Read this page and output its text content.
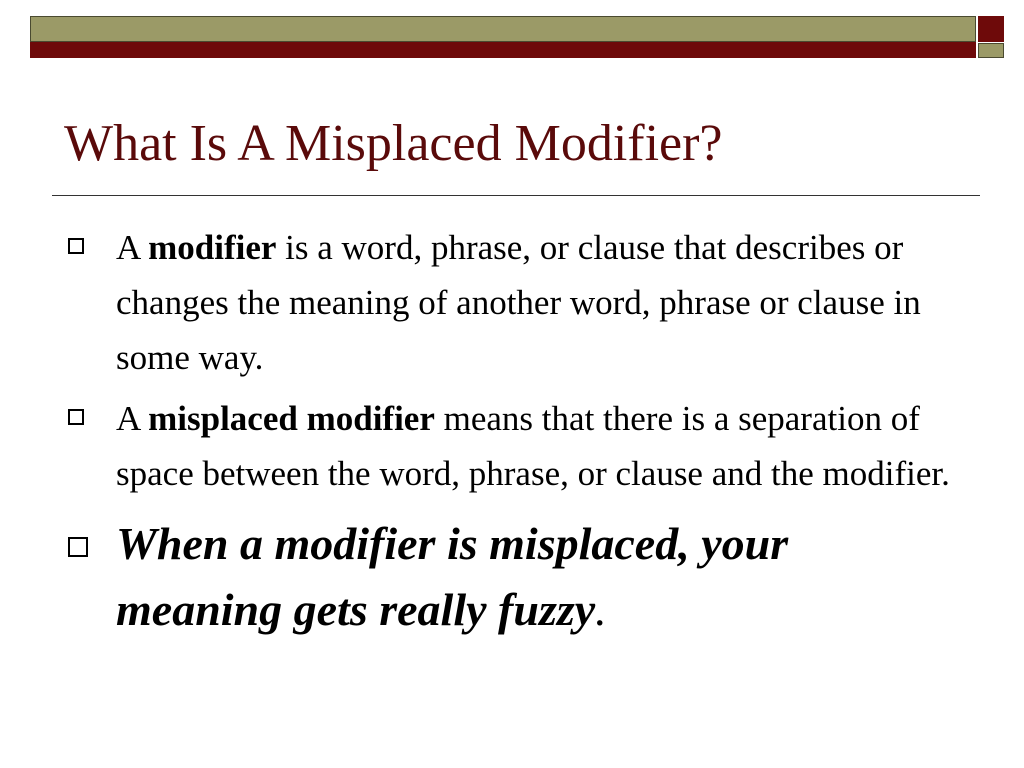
What Is A Misplaced Modifier?
A modifier is a word, phrase, or clause that describes or changes the meaning of another word, phrase or clause in some way.
A misplaced modifier means that there is a separation of space between the word, phrase, or clause and the modifier.
When a modifier is misplaced, your meaning gets really fuzzy.
